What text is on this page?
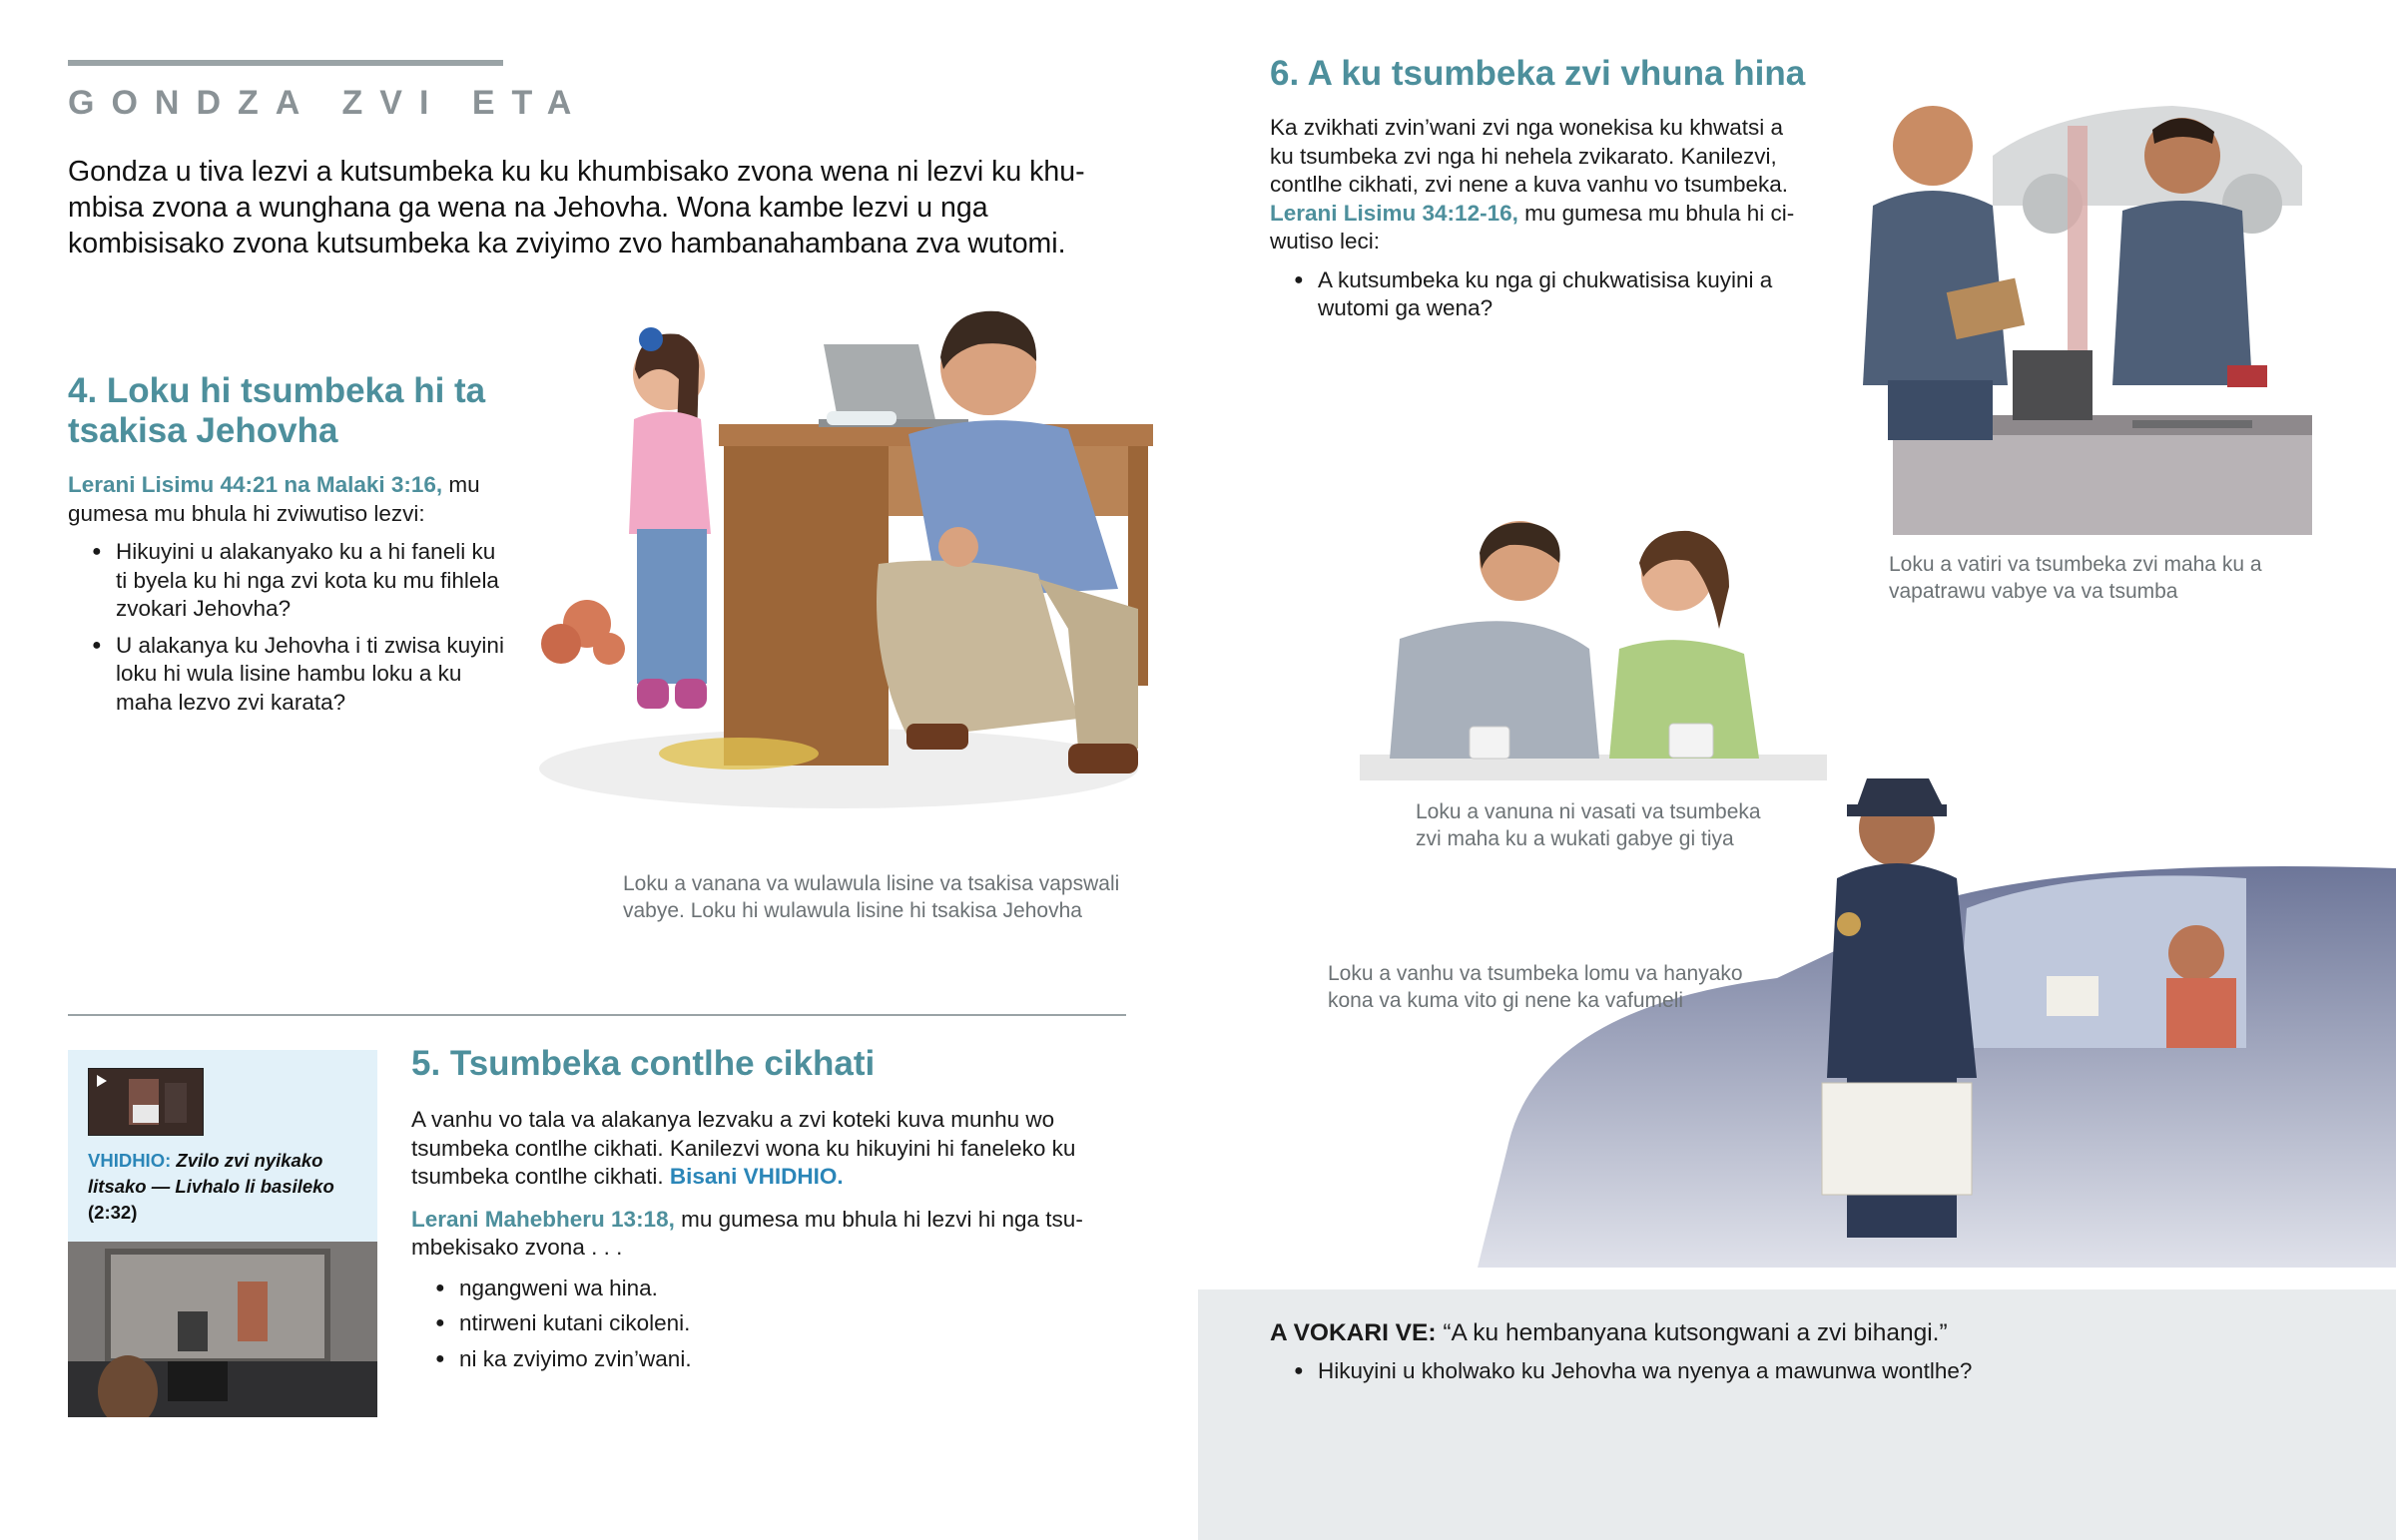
GONDZA ZVI ETA
Gondza u tiva lezvi a kutsumbeka ku ku khumbisako zvona wena ni lezvi ku khumbisa zvona a wunghana ga wena na Jehovha. Wona kambe lezvi u nga kombisisako zvona kutsumbeka ka zviyimo zvo hambanahambana zva wutomi.
4. Loku hi tsumbeka hi ta tsakisa Jehovha
Lerani Lisimu 44:21 na Malaki 3:16, mu gumesa mu bhula hi zviwutiso lezvi:
● Hikuyini u alakanyako ku a hi faneli ku ti byela ku hi nga zvi kota ku mu fihlela zvokari Jehovha?
● U alakanya ku Jehovha i ti zwisa kuyini loku hi wula lisine hambu loku a ku maha lezvo zvi karata?
Loku a vanana va wulawula lisine va tsakisa vapswali vabye. Loku hi wulawula lisine hi tsakisa Jehovha
VHIDHIO: Zvilo zvi nyikako litsako — Livhalo li basileko
(2:32)
5. Tsumbeka contlhe cikhati
A vanhu vo tala va alakanya lezvaku a zvi koteki kuva munhu wo tsumbeka contlhe cikhati. Kanilezvi wona ku hikuyini hi faneleko ku tsumbeka contlhe cikhati. Bisani VHIDHIO.
Lerani Mahebheru 13:18, mu gumesa mu bhula hi lezvi hi nga tsumbekisako zvona . . .
● ngangweni wa hina.
● ntirweni kutani cikoleni.
● ni ka zviyimo zvin’wani.
6. A ku tsumbeka zvi vhuna hina
Ka zvikhati zvin’wani zvi nga wonekisa ku khwatsi a ku tsumbeka zvi nga hi nehela zvikarato. Kanilezvi, contlhe cikhati, zvi nene a kuva vanhu vo tsumbeka. Lerani Lisimu 34:12-16, mu gumesa mu bhula hi ciwutiso leci:
● A kutsumbeka ku nga gi chukwatisisa kuyini a wutomi ga wena?
Loku a vatiri va tsumbeka zvi maha ku a vapatrawu vabye va va tsumba
Loku a vanuna ni vasati va tsumbeka zvi maha ku a wukati gabye gi tiya
Loku a vanhu va tsumbeka lomu va hanyako kona va kuma vito gi nene ka vafumeli
A VOKARI VE: “A ku hembanyana kutsongwani a zvi bihangi.”
● Hikuyini u kholwako ku Jehovha wa nyenya a mawunwa wontlhe?
